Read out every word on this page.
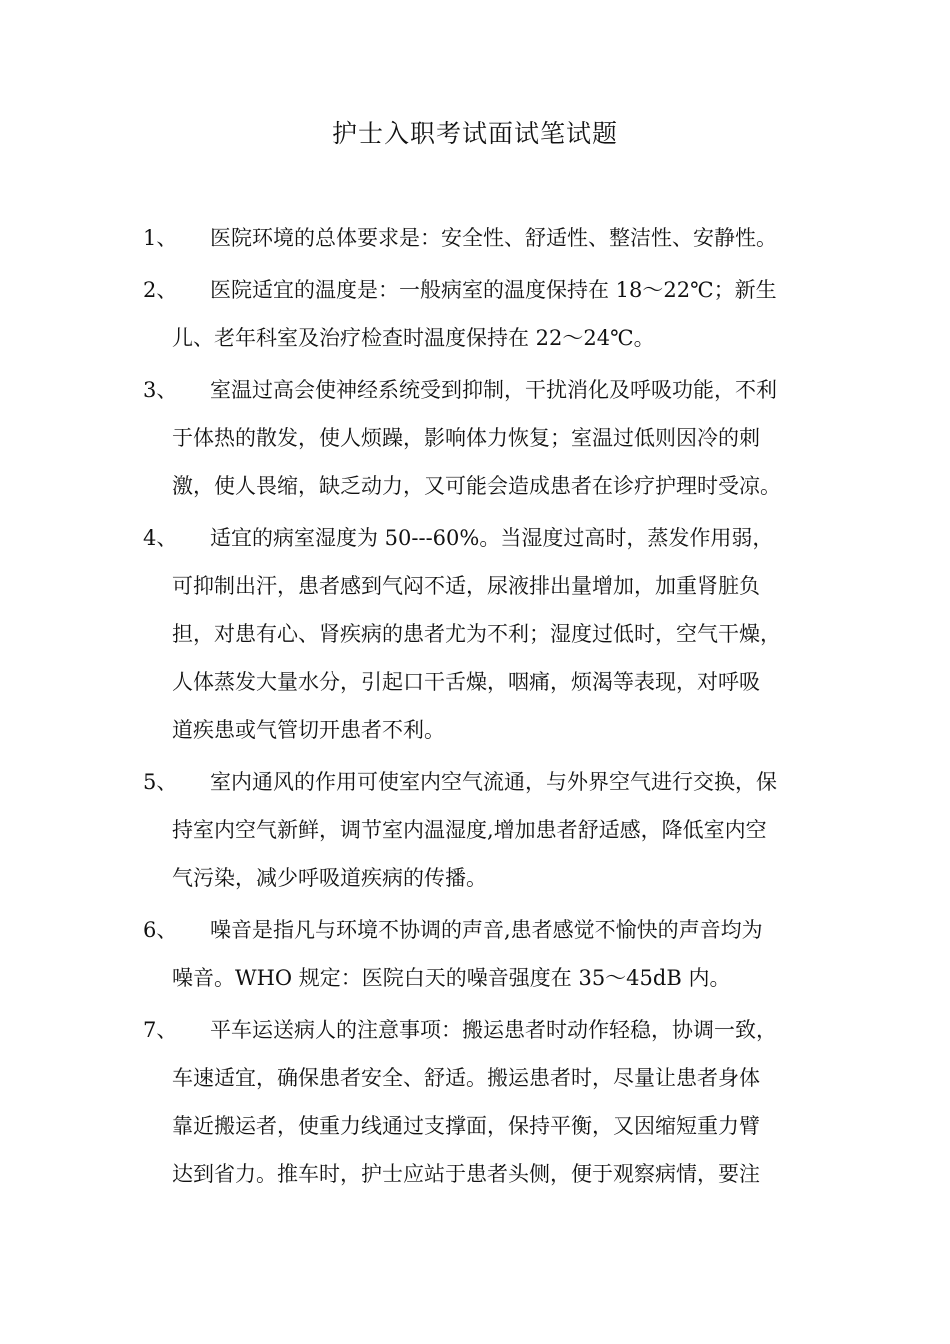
护士入职考试面试笔试题
1、	医院环境的总体要求是：安全性、舒适性、整洁性、安静性。
2、	医院适宜的温度是：一般病室的温度保持在 18～22℃；新生
儿、老年科室及治疗检查时温度保持在 22～24℃。
3、	室温过高会使神经系统受到抑制，干扰消化及呼吸功能，不利
于体热的散发，使人烦躁，影响体力恢复；室温过低则因冷的刺
激，使人畏缩，缺乏动力，又可能会造成患者在诊疗护理时受凉。
4、	适宜的病室湿度为 50---60%。当湿度过高时，蒸发作用弱，
可抑制出汗，患者感到气闷不适，尿液排出量增加，加重肾脏负
担，对患有心、肾疾病的患者尤为不利；湿度过低时，空气干燥，
人体蒸发大量水分，引起口干舌燥，咽痛，烦渴等表现，对呼吸
道疾患或气管切开患者不利。
5、	室内通风的作用可使室内空气流通，与外界空气进行交换，保
持室内空气新鲜，调节室内温湿度,增加患者舒适感，降低室内空
气污染，减少呼吸道疾病的传播。
6、	噪音是指凡与环境不协调的声音,患者感觉不愉快的声音均为
噪音。WHO 规定：医院白天的噪音强度在 35～45dB 内。
7、	平车运送病人的注意事项：搬运患者时动作轻稳，协调一致，
车速适宜，确保患者安全、舒适。搬运患者时，尽量让患者身体
靠近搬运者，使重力线通过支撑面，保持平衡，又因缩短重力臂
达到省力。推车时，护士应站于患者头侧，便于观察病情，要注
